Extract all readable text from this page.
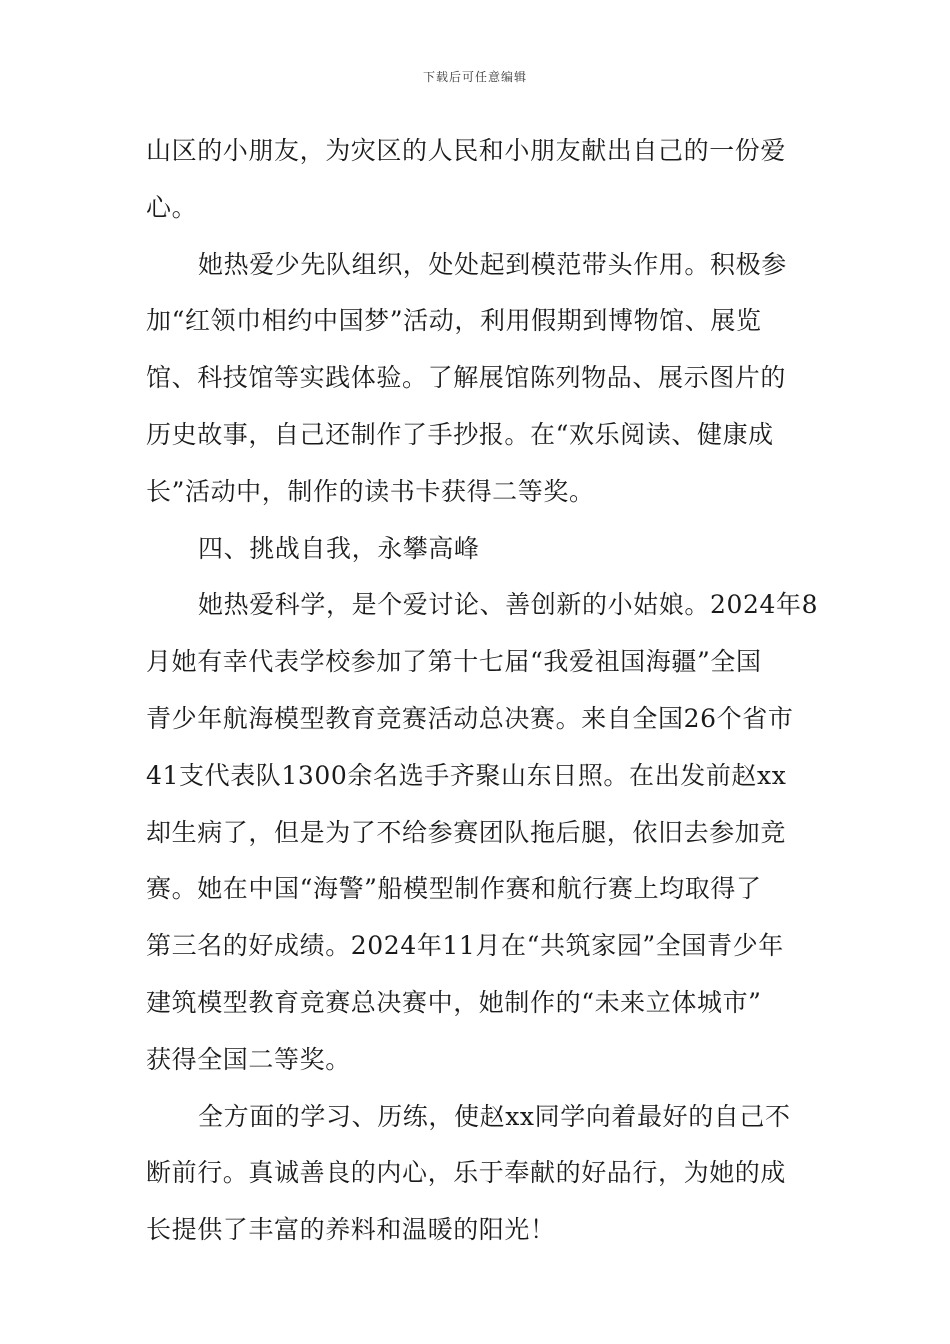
下载后可任意编辑
山区的小朋友，为灾区的人民和小朋友献出自己的一份爱
心。
她热爱少先队组织，处处起到模范带头作用。积极参
加“红领巾相约中国梦”活动，利用假期到博物馆、展览
馆、科技馆等实践体验。了解展馆陈列物品、展示图片的
历史故事，自己还制作了手抄报。在“欢乐阅读、健康成
长”活动中，制作的读书卡获得二等奖。
四、挑战自我，永攀高峰
她热爱科学，是个爱讨论、善创新的小姑娘。2024年8
月她有幸代表学校参加了第十七届“我爱祖国海疆”全国
青少年航海模型教育竞赛活动总决赛。来自全国26个省市
41支代表队1300余名选手齐聚山东日照。在出发前赵xx
却生病了，但是为了不给参赛团队拖后腿，依旧去参加竞
赛。她在中国“海警”船模型制作赛和航行赛上均取得了
第三名的好成绩。2024年11月在“共筑家园”全国青少年
建筑模型教育竞赛总决赛中，她制作的“未来立体城市”
获得全国二等奖。
全方面的学习、历练，使赵xx同学向着最好的自己不
断前行。真诚善良的内心，乐于奉献的好品行，为她的成
长提供了丰富的养料和温暖的阳光！
